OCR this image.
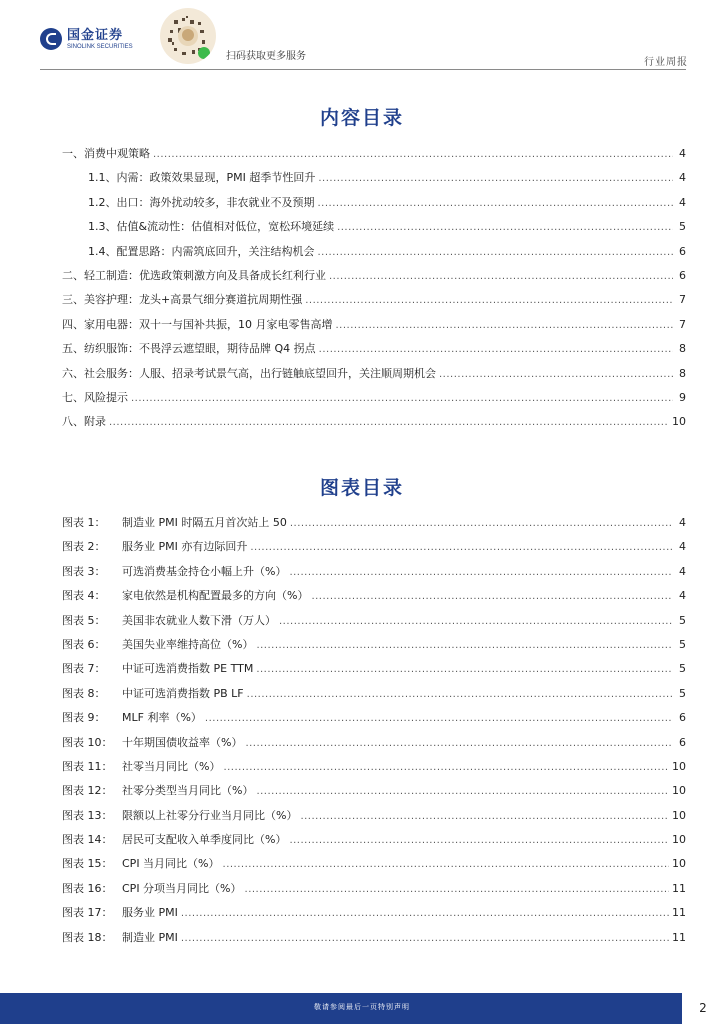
国金证券
SINOLINK SECURITIES
扫码获取更多服务
行业周报
内容目录
一、消费中观策略 .....	4
1.1、内需：政策效果显现，PMI 超季节性回升 .....	4
1.2、出口：海外扰动较多，非农就业不及预期 .....	4
1.3、估值&流动性：估值相对低位，宽松环境延续 .....	5
1.4、配置思路：内需筑底回升，关注结构机会 .....	6
二、轻工制造：优选政策刺激方向及具备成长红利行业 .....	6
三、美容护理：龙头+高景气细分赛道抗周期性强 .....	7
四、家用电器：双十一与国补共振，10 月家电零售高增 .....	7
五、纺织服饰：不畏浮云遮望眼，期待品牌 Q4 拐点 .....	8
六、社会服务：人服、招录考试景气高，出行链触底望回升，关注顺周期机会 .....	8
七、风险提示 .....	9
八、附录 .....	10
图表目录
图表 1：	制造业 PMI 时隔五月首次站上 50 .....	4
图表 2：	服务业 PMI 亦有边际回升 .....	4
图表 3：	可选消费基金持仓小幅上升（%） .....	4
图表 4：	家电依然是机构配置最多的方向（%） .....	4
图表 5：	美国非农就业人数下滑（万人） .....	5
图表 6：	美国失业率维持高位（%） .....	5
图表 7：	中证可选消费指数 PE TTM .....	5
图表 8：	中证可选消费指数 PB LF .....	5
图表 9：	MLF 利率（%） .....	6
图表 10： 十年期国债收益率（%） .....	6
图表 11： 社零当月同比（%） .....	10
图表 12： 社零分类型当月同比（%） .....	10
图表 13： 限额以上社零分行业当月同比（%） .....	10
图表 14： 居民可支配收入单季度同比（%） .....	10
图表 15： CPI 当月同比（%） .....	10
图表 16： CPI 分项当月同比（%） .....	11
图表 17： 服务业 PMI .....	11
图表 18： 制造业 PMI .....	11
敬请参阅最后一页特别声明	2
